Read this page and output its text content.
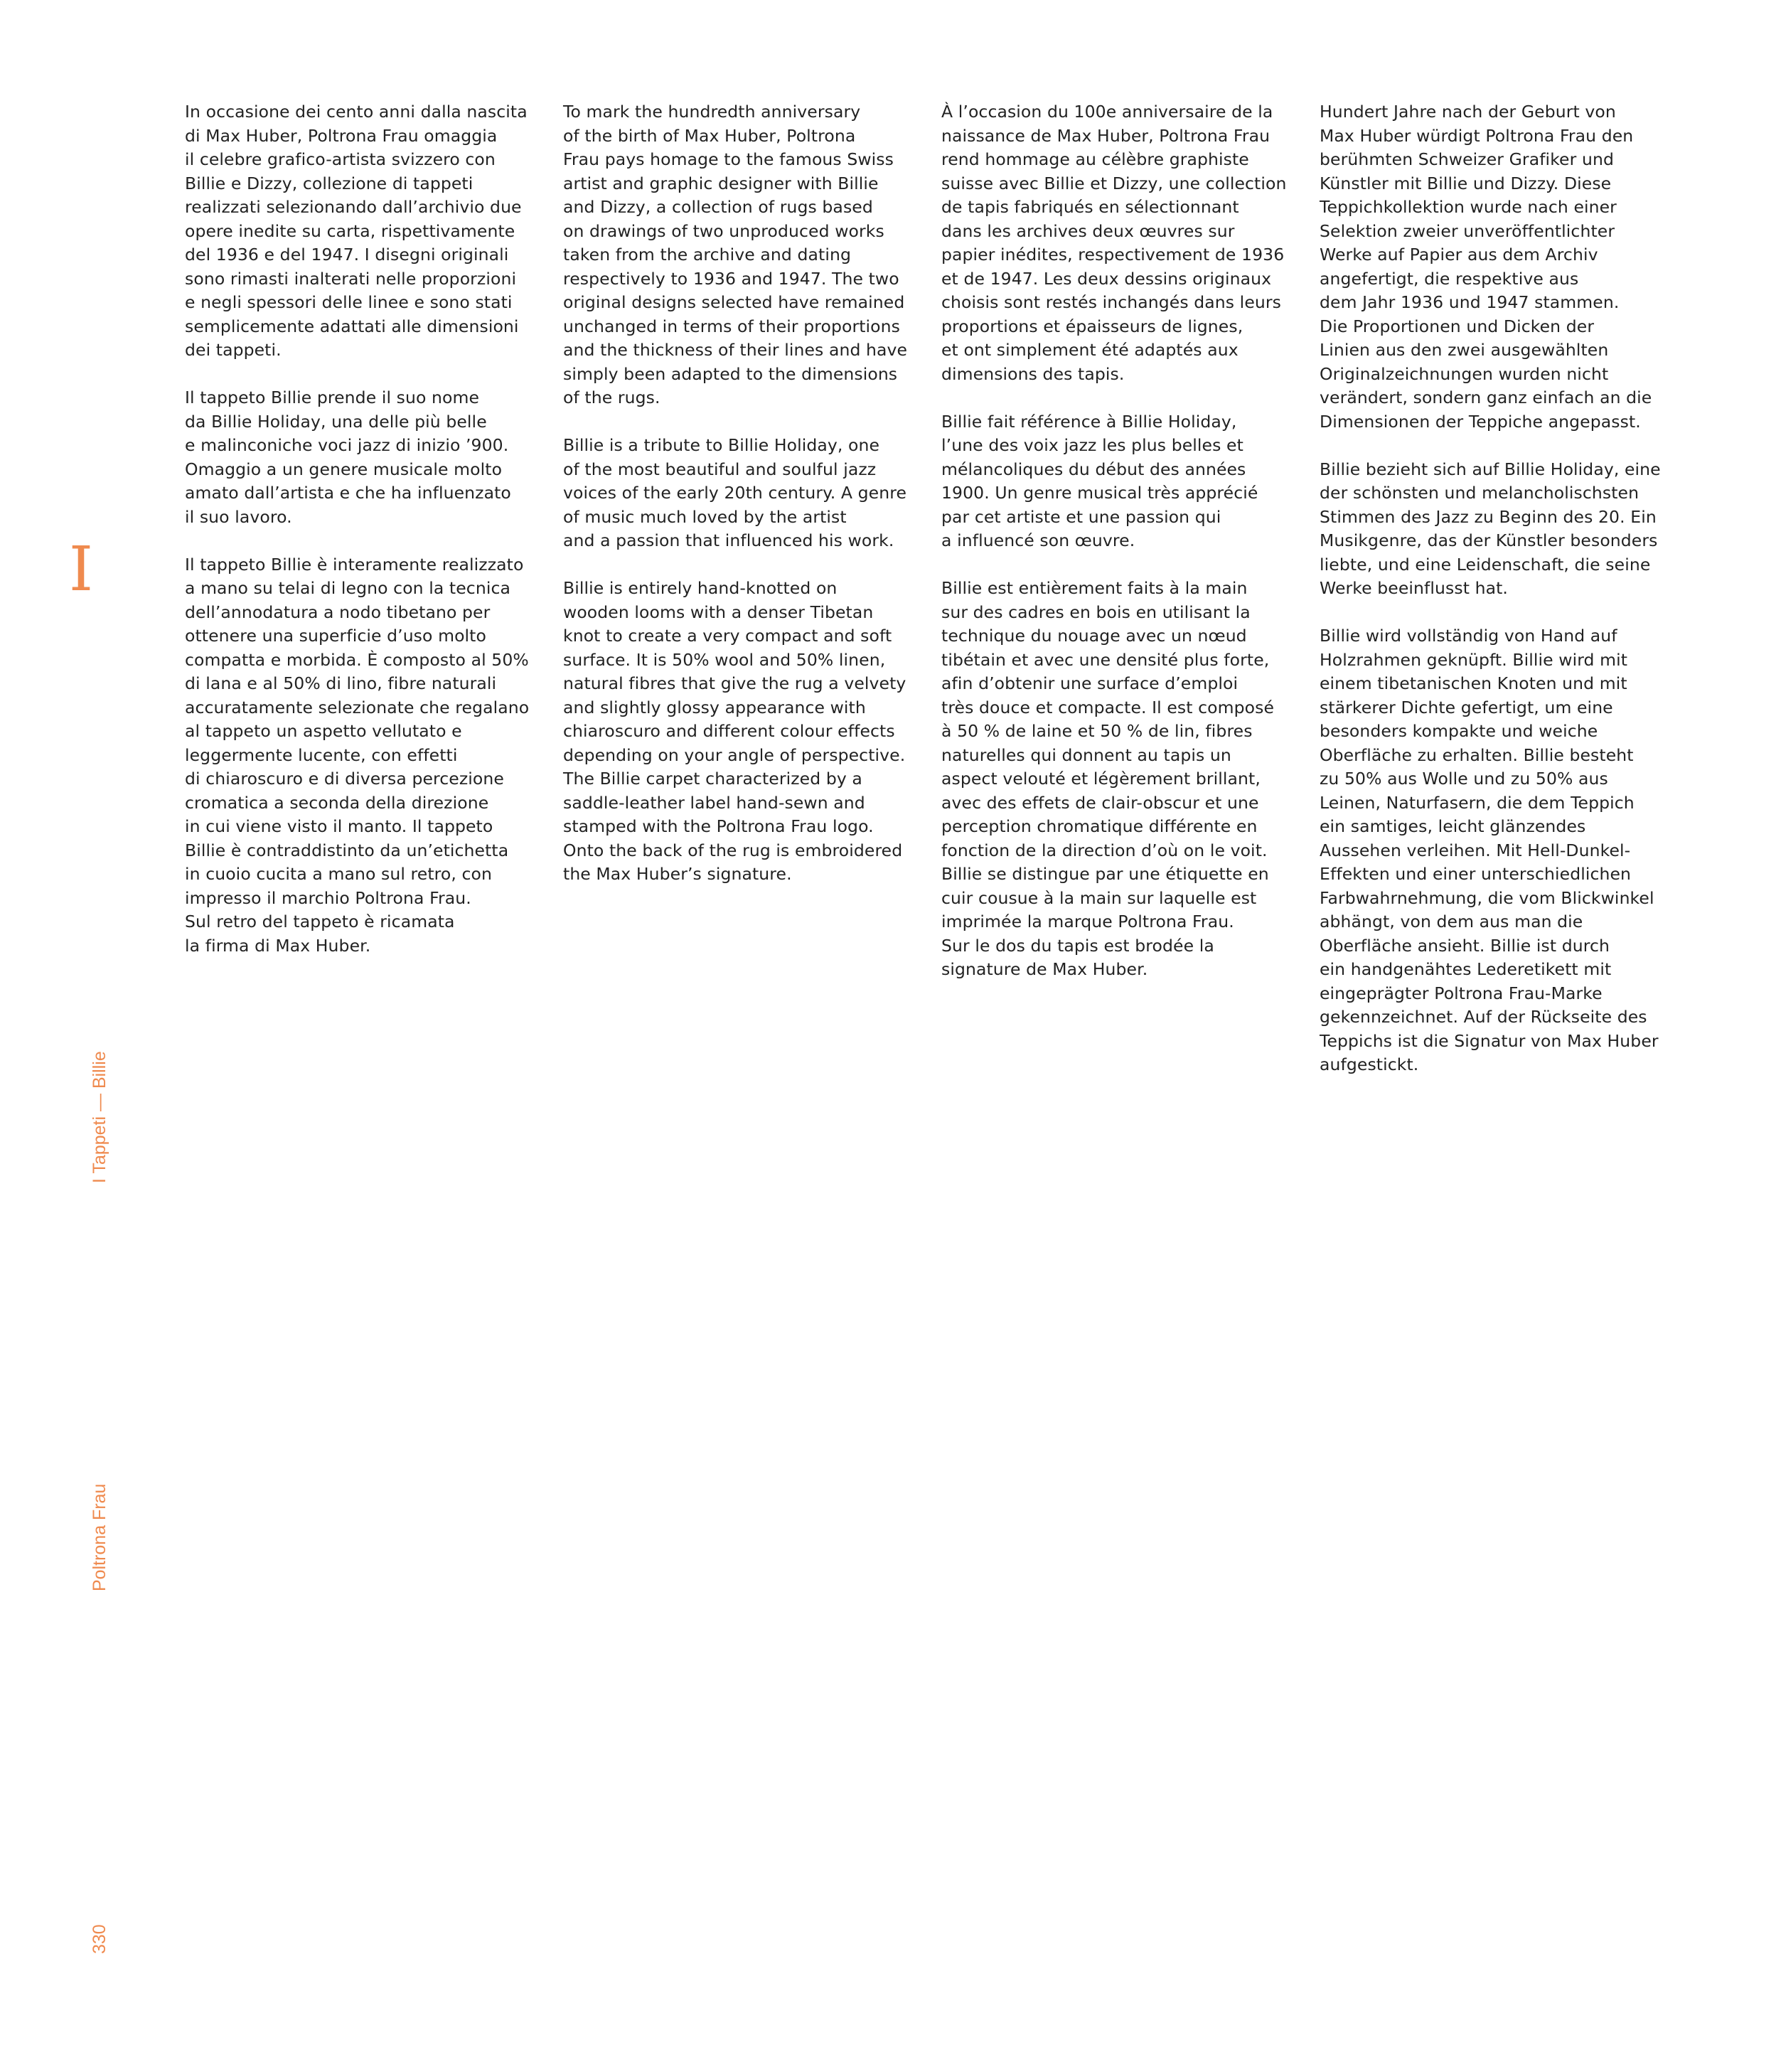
I
I Tappeti — Billie
Poltrona Frau
330

In occasione dei cento anni dalla nascita
di Max Huber, Poltrona Frau omaggia
il celebre grafico-artista svizzero con
Billie e Dizzy, collezione di tappeti
realizzati selezionando dall’archivio due
opere inedite su carta, rispettivamente
del 1936 e del 1947. I disegni originali
sono rimasti inalterati nelle proporzioni
e negli spessori delle linee e sono stati
semplicemente adattati alle dimensioni
dei tappeti.

Il tappeto Billie prende il suo nome
da Billie Holiday, una delle più belle
e malinconiche voci jazz di inizio ’900.
Omaggio a un genere musicale molto
amato dall’artista e che ha influenzato
il suo lavoro.

Il tappeto Billie è interamente realizzato
a mano su telai di legno con la tecnica
dell’annodatura a nodo tibetano per
ottenere una superficie d’uso molto
compatta e morbida. È composto al 50%
di lana e al 50% di lino, fibre naturali
accuratamente selezionate che regalano
al tappeto un aspetto vellutato e
leggermente lucente, con effetti
di chiaroscuro e di diversa percezione
cromatica a seconda della direzione
in cui viene visto il manto. Il tappeto
Billie è contraddistinto da un’etichetta
in cuoio cucita a mano sul retro, con
impresso il marchio Poltrona Frau.
Sul retro del tappeto è ricamata
la firma di Max Huber.

To mark the hundredth anniversary
of the birth of Max Huber, Poltrona
Frau pays homage to the famous Swiss
artist and graphic designer with Billie
and Dizzy, a collection of rugs based
on drawings of two unproduced works
taken from the archive and dating
respectively to 1936 and 1947. The two
original designs selected have remained
unchanged in terms of their proportions
and the thickness of their lines and have
simply been adapted to the dimensions
of the rugs.

Billie is a tribute to Billie Holiday, one
of the most beautiful and soulful jazz
voices of the early 20th century. A genre
of music much loved by the artist
and a passion that influenced his work.

Billie is entirely hand-knotted on
wooden looms with a denser Tibetan
knot to create a very compact and soft
surface. It is 50% wool and 50% linen,
natural fibres that give the rug a velvety
and slightly glossy appearance with
chiaroscuro and different colour effects
depending on your angle of perspective.
The Billie carpet characterized by a
saddle-leather label hand-sewn and
stamped with the Poltrona Frau logo.
Onto the back of the rug is embroidered
the Max Huber’s signature.

À l’occasion du 100e anniversaire de la
naissance de Max Huber, Poltrona Frau
rend hommage au célèbre graphiste
suisse avec Billie et Dizzy, une collection
de tapis fabriqués en sélectionnant
dans les archives deux œuvres sur
papier inédites, respectivement de 1936
et de 1947. Les deux dessins originaux
choisis sont restés inchangés dans leurs
proportions et épaisseurs de lignes,
et ont simplement été adaptés aux
dimensions des tapis.

Billie fait référence à Billie Holiday,
l’une des voix jazz les plus belles et
mélancoliques du début des années
1900. Un genre musical très apprécié
par cet artiste et une passion qui
a influencé son œuvre.

Billie est entièrement faits à la main
sur des cadres en bois en utilisant la
technique du nouage avec un nœud
tibétain et avec une densité plus forte,
afin d’obtenir une surface d’emploi
très douce et compacte. Il est composé
à 50 % de laine et 50 % de lin, fibres
naturelles qui donnent au tapis un
aspect velouté et légèrement brillant,
avec des effets de clair-obscur et une
perception chromatique différente en
fonction de la direction d’où on le voit.
Billie se distingue par une étiquette en
cuir cousue à la main sur laquelle est
imprimée la marque Poltrona Frau.
Sur le dos du tapis est brodée la
signature de Max Huber.

Hundert Jahre nach der Geburt von
Max Huber würdigt Poltrona Frau den
berühmten Schweizer Grafiker und
Künstler mit Billie und Dizzy. Diese
Teppichkollektion wurde nach einer
Selektion zweier unveröffentlichter
Werke auf Papier aus dem Archiv
angefertigt, die respektive aus
dem Jahr 1936 und 1947 stammen.
Die Proportionen und Dicken der
Linien aus den zwei ausgewählten
Originalzeichnungen wurden nicht
verändert, sondern ganz einfach an die
Dimensionen der Teppiche angepasst.

Billie bezieht sich auf Billie Holiday, eine
der schönsten und melancholischsten
Stimmen des Jazz zu Beginn des 20. Ein
Musikgenre, das der Künstler besonders
liebte, und eine Leidenschaft, die seine
Werke beeinflusst hat.

Billie wird vollständig von Hand auf
Holzrahmen geknüpft. Billie wird mit
einem tibetanischen Knoten und mit
stärkerer Dichte gefertigt, um eine
besonders kompakte und weiche
Oberfläche zu erhalten. Billie besteht
zu 50% aus Wolle und zu 50% aus
Leinen, Naturfasern, die dem Teppich
ein samtiges, leicht glänzendes
Aussehen verleihen. Mit Hell-Dunkel-
Effekten und einer unterschiedlichen
Farbwahrnehmung, die vom Blickwinkel
abhängt, von dem aus man die
Oberfläche ansieht. Billie ist durch
ein handgenähtes Lederetikett mit
eingeprägter Poltrona Frau-Marke
gekennzeichnet. Auf der Rückseite des
Teppichs ist die Signatur von Max Huber
aufgestickt.
